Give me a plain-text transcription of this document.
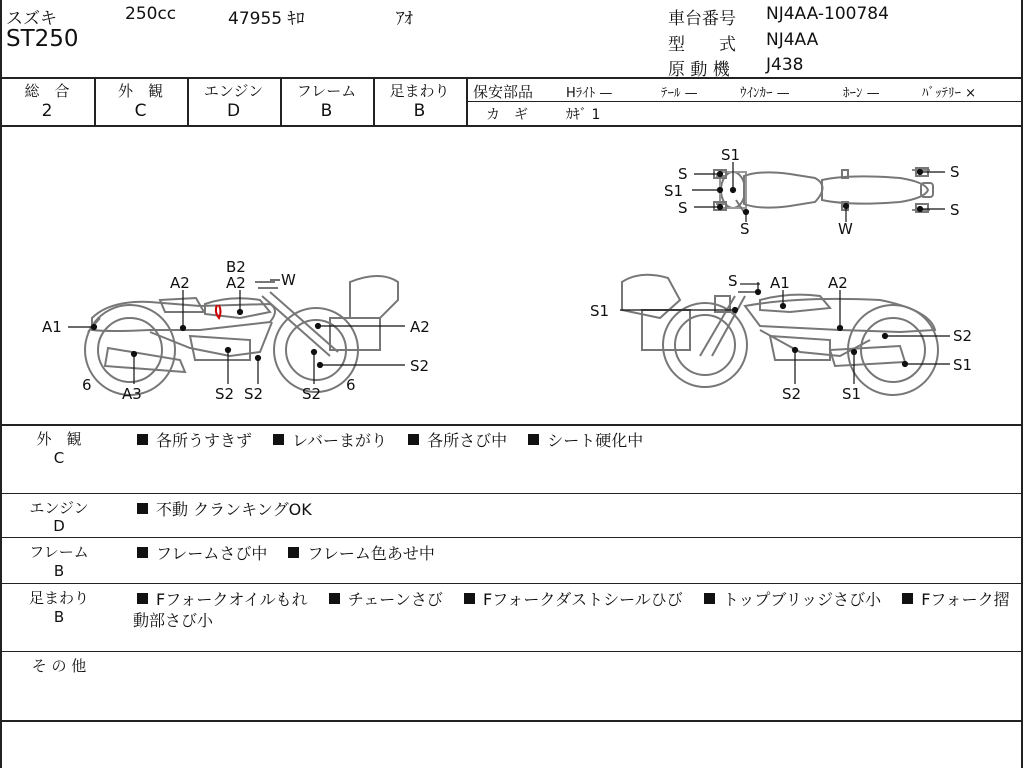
スズキ	250cc	47955 ｷﾛ	ｱｵ
ST250
車台番号 NJ4AA-100784
型　　式 NJ4AA
原 動 機 J438
総　合
2
外　観
C
エンジン
D
フレーム
B
足まわり
B
保安部品	Hﾗｲﾄ —	ﾃｰﾙ —	ｳｲﾝｶｰ —	ﾎｰﾝ —	ﾊﾞｯﾃﾘｰ ×
カ　ギ	ｶｷﾞ 1
S1
S
S1
S
S	W
S
S
B2
A2 W
A2
A1	A2
6 A3	S2 S2	S2 6
S2
S A1	A2
S1
S2
S1
S2	S1
外　観
C
各所うすきず	レバーまがり	各所さび中	シート硬化中
エンジン
D
不動 クランキングOK
フレーム
B
フレームさび中	フレーム色あせ中
足まわり
B
Fフォークオイルもれ	チェーンさび	Fフォークダストシールひび	トップブリッジさび小	Fフォーク摺
動部さび小
そ の 他
